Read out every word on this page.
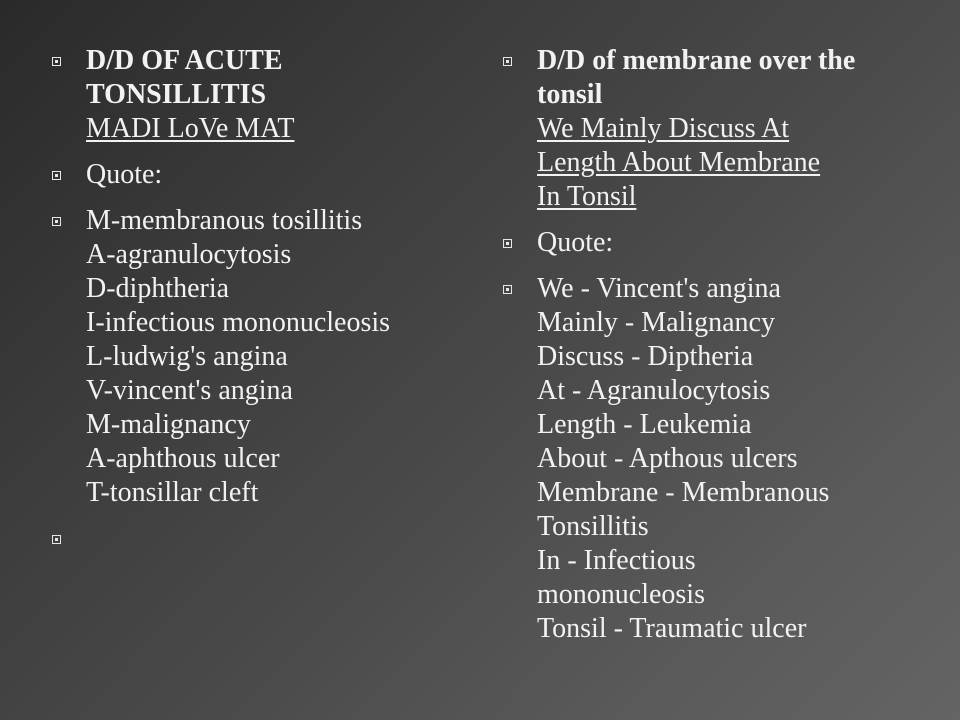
D/D OF ACUTE
TONSILLITIS
MADI LoVe MAT
Quote:
M-membranous tosillitis
A-agranulocytosis
D-diphtheria
I-infectious mononucleosis
L-ludwig's angina
V-vincent's angina
M-malignancy
A-aphthous ulcer
T-tonsillar cleft
D/D of membrane over the
tonsil
We Mainly Discuss At
Length About Membrane
In Tonsil
Quote:
We - Vincent's angina
Mainly - Malignancy
Discuss - Diptheria
At - Agranulocytosis
Length - Leukemia
About - Apthous ulcers
Membrane - Membranous
Tonsillitis
In - Infectious
mononucleosis
Tonsil - Traumatic ulcer
